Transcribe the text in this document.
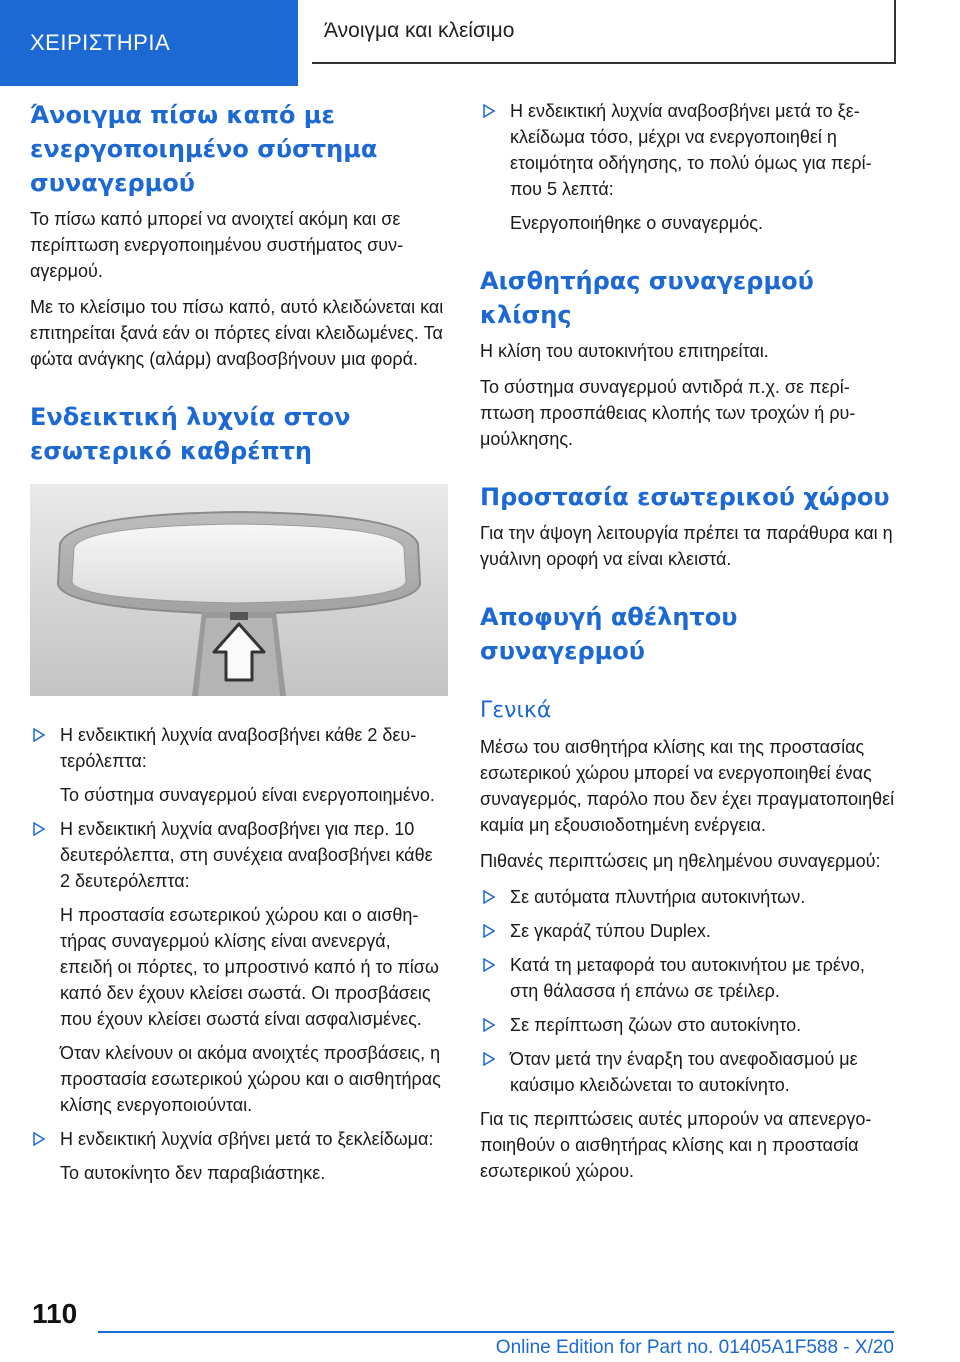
ΧΕΙΡΙΣΤΗΡΙΑ	Άνοιγμα και κλείσιμο
Άνοιγμα πίσω καπό με ενεργοποιημένο σύστημα συναγερμού

Το πίσω καπό μπορεί να ανοιχτεί ακόμη και σε περίπτωση ενεργοποιημένου συστήματος συναγερμού.

Με το κλείσιμο του πίσω καπό, αυτό κλειδώνεται και επιτηρείται ξανά εάν οι πόρτες είναι κλειδωμένες. Τα φώτα ανάγκης (αλάρμ) αναβοσβήνουν μια φορά.

Ενδεικτική λυχνία στον εσωτερικό καθρέπτη

Η ενδεικτική λυχνία αναβοσβήνει κάθε 2 δευτερόλεπτα:

Το σύστημα συναγερμού είναι ενεργοποιημένο.

Η ενδεικτική λυχνία αναβοσβήνει για περ. 10 δευτερόλεπτα, στη συνέχεια αναβοσβήνει κάθε 2 δευτερόλεπτα:

Η προστασία εσωτερικού χώρου και ο αισθητήρας συναγερμού κλίσης είναι ανενεργά, επειδή οι πόρτες, το μπροστινό καπό ή το πίσω καπό δεν έχουν κλείσει σωστά. Οι προσβάσεις που έχουν κλείσει σωστά είναι ασφαλισμένες.

Όταν κλείνουν οι ακόμα ανοιχτές προσβάσεις, η προστασία εσωτερικού χώρου και ο αισθητήρας κλίσης ενεργοποιούνται.

Η ενδεικτική λυχνία σβήνει μετά το ξεκλείδωμα:

Το αυτοκίνητο δεν παραβιάστηκε.

Η ενδεικτική λυχνία αναβοσβήνει μετά το ξεκλείδωμα τόσο, μέχρι να ενεργοποιηθεί η ετοιμότητα οδήγησης, το πολύ όμως για περίπου 5 λεπτά:

Ενεργοποιήθηκε ο συναγερμός.

Αισθητήρας συναγερμού κλίσης

Η κλίση του αυτοκινήτου επιτηρείται.

Το σύστημα συναγερμού αντιδρά π.χ. σε περίπτωση προσπάθειας κλοπής των τροχών ή ρυμούλκησης.

Προστασία εσωτερικού χώρου

Για την άψογη λειτουργία πρέπει τα παράθυρα και η γυάλινη οροφή να είναι κλειστά.

Αποφυγή αθέλητου συναγερμού
Γενικά

Μέσω του αισθητήρα κλίσης και της προστασίας εσωτερικού χώρου μπορεί να ενεργοποιηθεί ένας συναγερμός, παρόλο που δεν έχει πραγματοποιηθεί καμία μη εξουσιοδοτημένη ενέργεια.

Πιθανές περιπτώσεις μη ηθελημένου συναγερμού:

Σε αυτόματα πλυντήρια αυτοκινήτων.

Σε γκαράζ τύπου Duplex.

Κατά τη μεταφορά του αυτοκινήτου με τρένο, στη θάλασσα ή επάνω σε τρέιλερ.

Σε περίπτωση ζώων στο αυτοκίνητο.

Όταν μετά την έναρξη του ανεφοδιασμού με καύσιμο κλειδώνεται το αυτοκίνητο.

Για τις περιπτώσεις αυτές μπορούν να απενεργοποιηθούν ο αισθητήρας κλίσης και η προστασία εσωτερικού χώρου.

110
Online Edition for Part no. 01405A1F588 - X/20
